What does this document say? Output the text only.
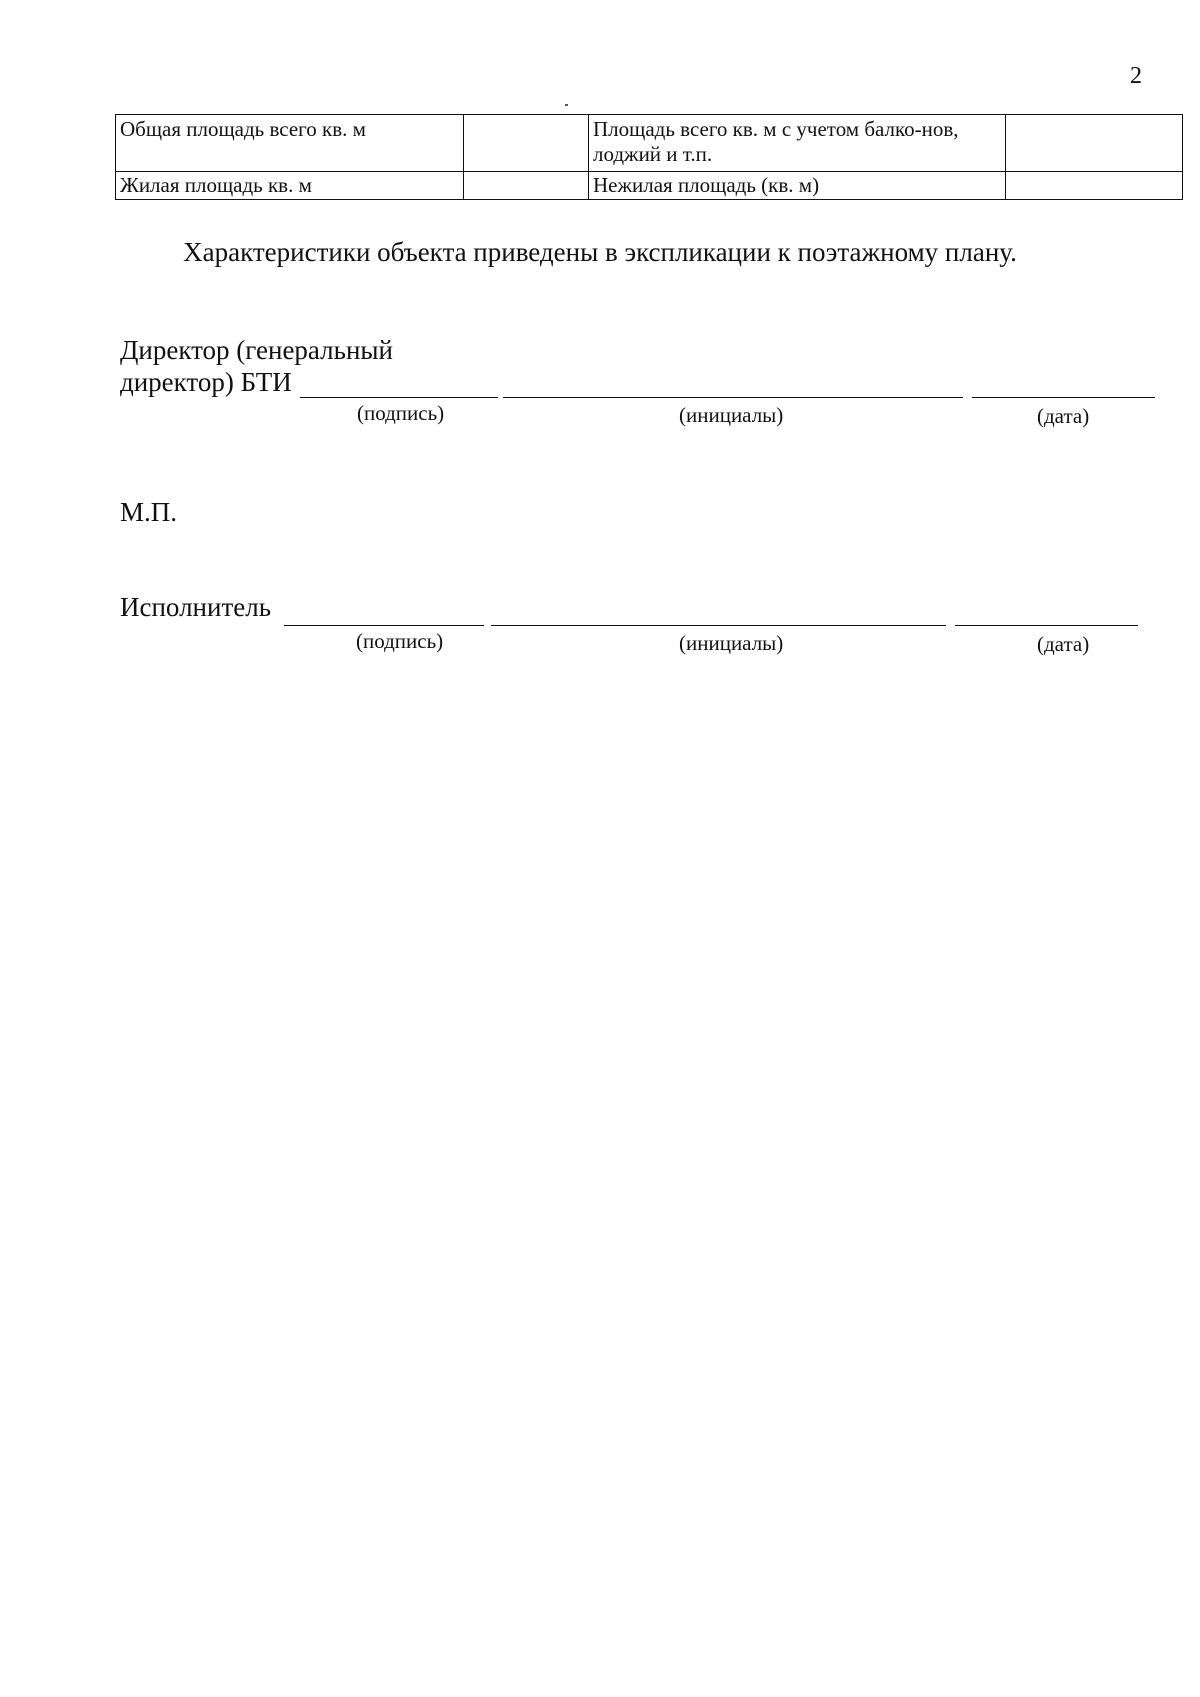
2
Общая площадь всего кв. м		Площадь всего кв. м с учетом балко-нов, лоджий и т.п.	
Жилая площадь кв. м		Нежилая площадь (кв. м)	
Характеристики объекта приведены в экспликации к поэтажному плану.
Директор (генеральный
директор) БТИ
(подпись)	(инициалы)	(дата)
М.П.
Исполнитель
(подпись)	(инициалы)	(дата)
